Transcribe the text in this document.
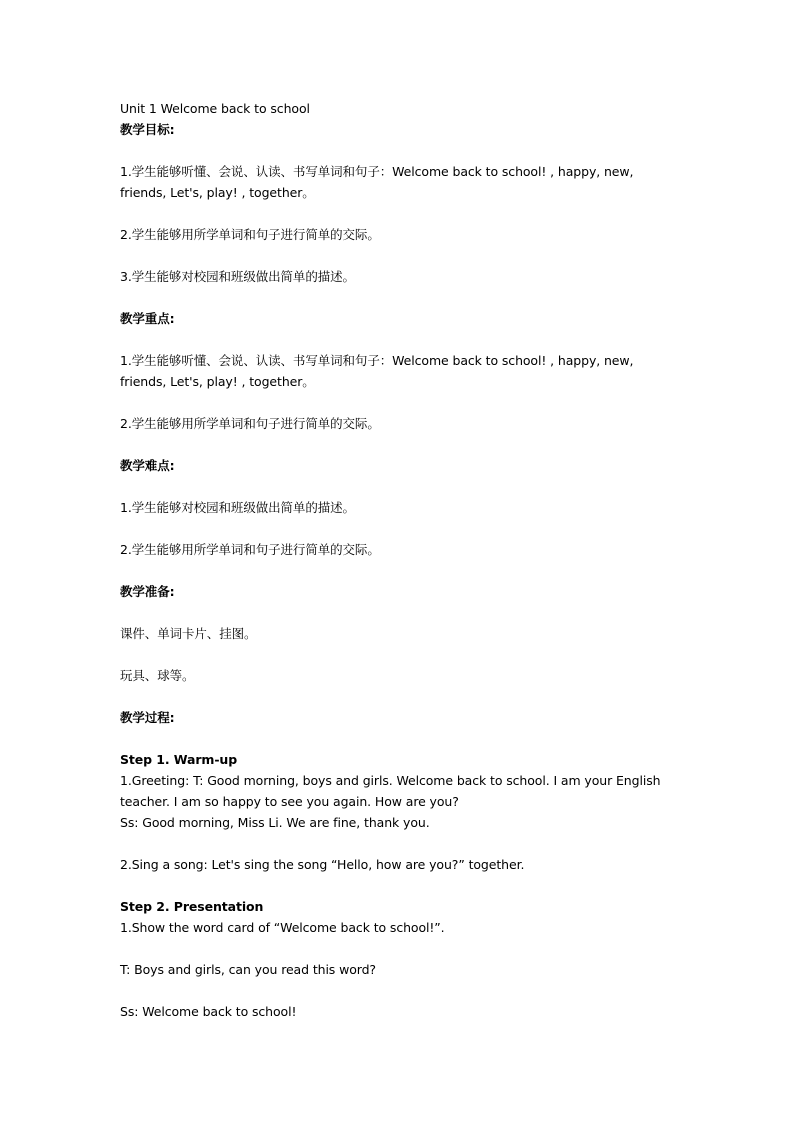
Unit 1 Welcome back to school
教学目标:
1.学生能够听懂、会说、认读、书写单词和句子：Welcome back to school! , happy, new, friends, Let's, play! , together。
2.学生能够用所学单词和句子进行简单的交际。
3.学生能够对校园和班级做出简单的描述。
教学重点:
1.学生能够听懂、会说、认读、书写单词和句子：Welcome back to school! , happy, new, friends, Let's, play! , together。
2.学生能够用所学单词和句子进行简单的交际。
教学难点:
1.学生能够对校园和班级做出简单的描述。
2.学生能够用所学单词和句子进行简单的交际。
教学准备:
课件、单词卡片、挂图。
玩具、球等。
教学过程:
Step 1. Warm-up
1.Greeting: T: Good morning, boys and girls. Welcome back to school. I am your English teacher. I am so happy to see you again. How are you?
Ss: Good morning, Miss Li. We are fine, thank you.
2.Sing a song: Let's sing the song “Hello, how are you?” together.
Step 2. Presentation
1.Show the word card of “Welcome back to school!”.
T: Boys and girls, can you read this word?
Ss: Welcome back to school!
